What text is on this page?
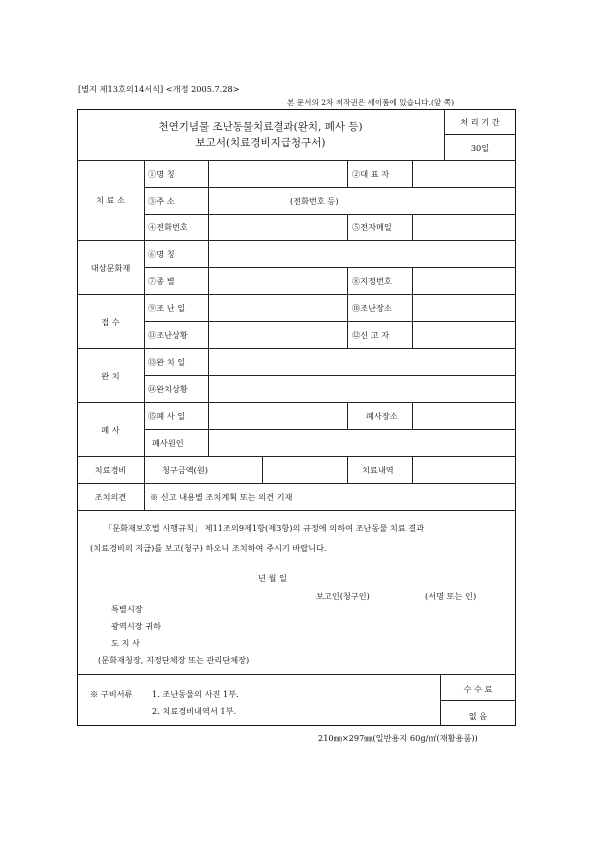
[별지 제13호의14서식] <개정 2005.7.28>
본 문서의 2차 저작권은 세이폼에 있습니다.(앞 쪽)
천연기념물 조난동물치료결과(완치, 폐사 등)
보고서(치료경비지급청구서)
처 리 기 간
30일
치 료 소
①명 칭	②대 표 자
③주 소	(전화번호 등)
④전화번호	⑤전자메일
대상문화재
⑥명 칭
⑦종 별	⑧지정번호
접 수
⑨조 난 일	⑩조난장소
⑪조난상황	⑫신 고 자
완 치
⑬완 치 일
⑭완치상황
폐 사
⑮폐 사 일	폐사장소
폐사원인
치료경비	청구금액(원)	치료내역
조치의견	※ 신고 내용별 조치계획 또는 의견 기재
「문화재보호법 시행규칙」 제11조의9제1항(제3항)의 규정에 의하여 조난동물 치료 결과
(치료경비의 지급)를 보고(청구) 하오니 조치하여 주시기 바랍니다.
년 월 일
보고인(청구인)	(서명 또는 인)
특별시장
광역시장 귀하
도 지 사
(문화재청장, 지정단체장 또는 관리단체장)
※ 구비서류 1. 조난동물의 사진 1부.
2. 치료경비내역서 1부.
수 수 료
없 음
210㎜×297㎜(일반용지 60g/㎡(재활용품))
